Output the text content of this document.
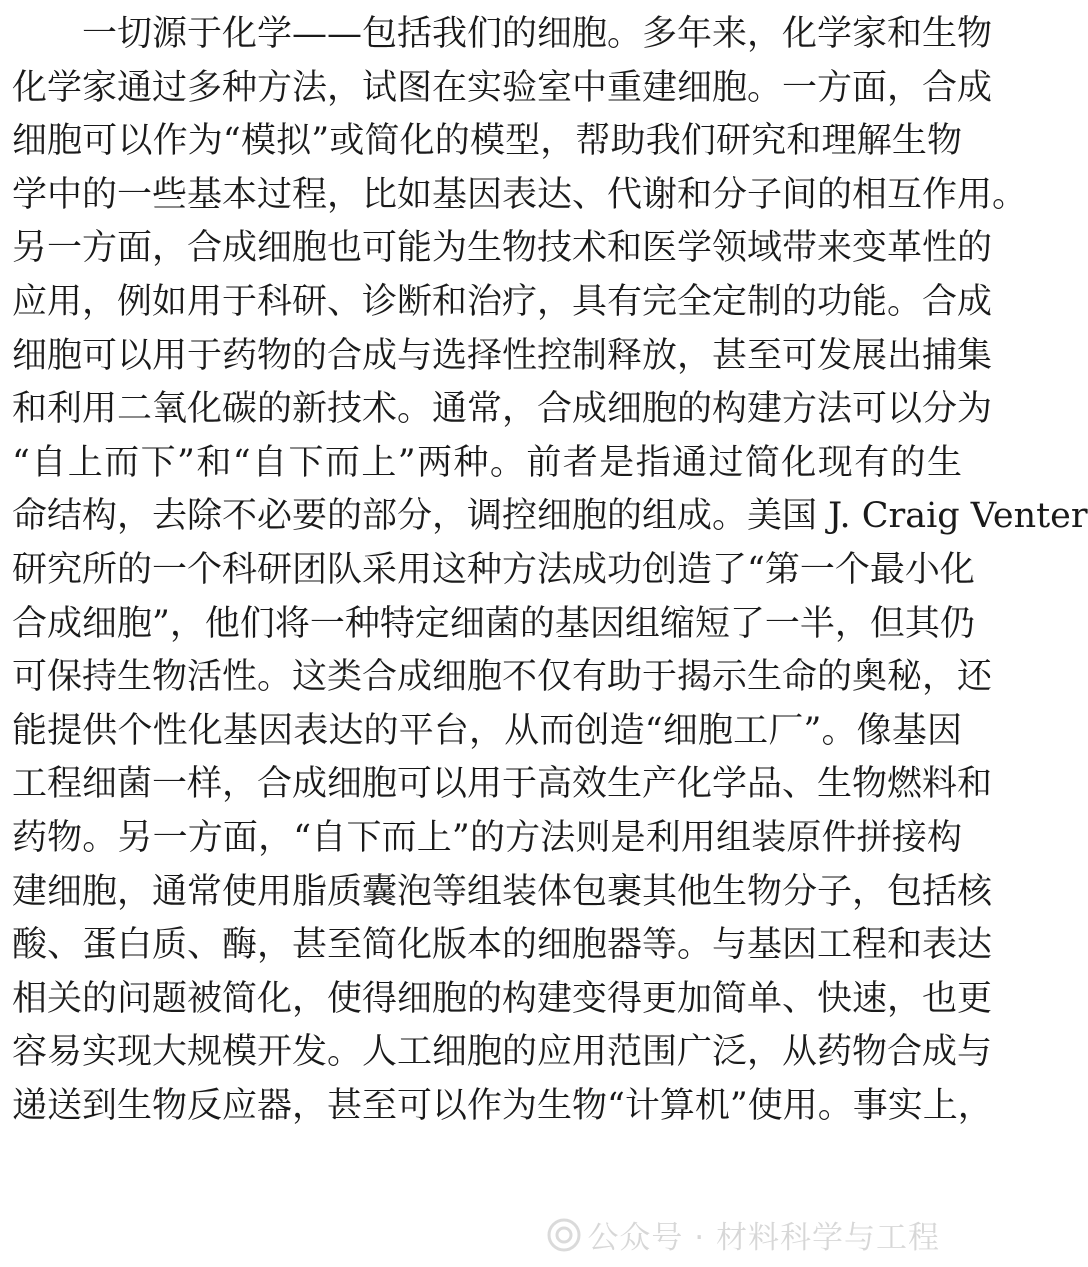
一切源于化学——包括我们的细胞。多年来，化学家和生物
化学家通过多种方法，试图在实验室中重建细胞。一方面，合成
细胞可以作为“模拟”或简化的模型，帮助我们研究和理解生物
学中的一些基本过程，比如基因表达、代谢和分子间的相互作用。
另一方面，合成细胞也可能为生物技术和医学领域带来变革性的
应用，例如用于科研、诊断和治疗，具有完全定制的功能。合成
细胞可以用于药物的合成与选择性控制释放，甚至可发展出捕集
和利用二氧化碳的新技术。通常，合成细胞的构建方法可以分为
“自上而下”和“自下而上”两种。前者是指通过简化现有的生
命结构，去除不必要的部分，调控细胞的组成。美国 J. Craig Venter
研究所的一个科研团队采用这种方法成功创造了“第一个最小化
合成细胞”，他们将一种特定细菌的基因组缩短了一半，但其仍
可保持生物活性。这类合成细胞不仅有助于揭示生命的奥秘，还
能提供个性化基因表达的平台，从而创造“细胞工厂”。像基因
工程细菌一样，合成细胞可以用于高效生产化学品、生物燃料和
药物。另一方面，“自下而上”的方法则是利用组装原件拼接构
建细胞，通常使用脂质囊泡等组装体包裹其他生物分子，包括核
酸、蛋白质、酶，甚至简化版本的细胞器等。与基因工程和表达
相关的问题被简化，使得细胞的构建变得更加简单、快速，也更
容易实现大规模开发。人工细胞的应用范围广泛，从药物合成与
递送到生物反应器，甚至可以作为生物“计算机”使用。事实上，
公众号 · 材料科学与工程
